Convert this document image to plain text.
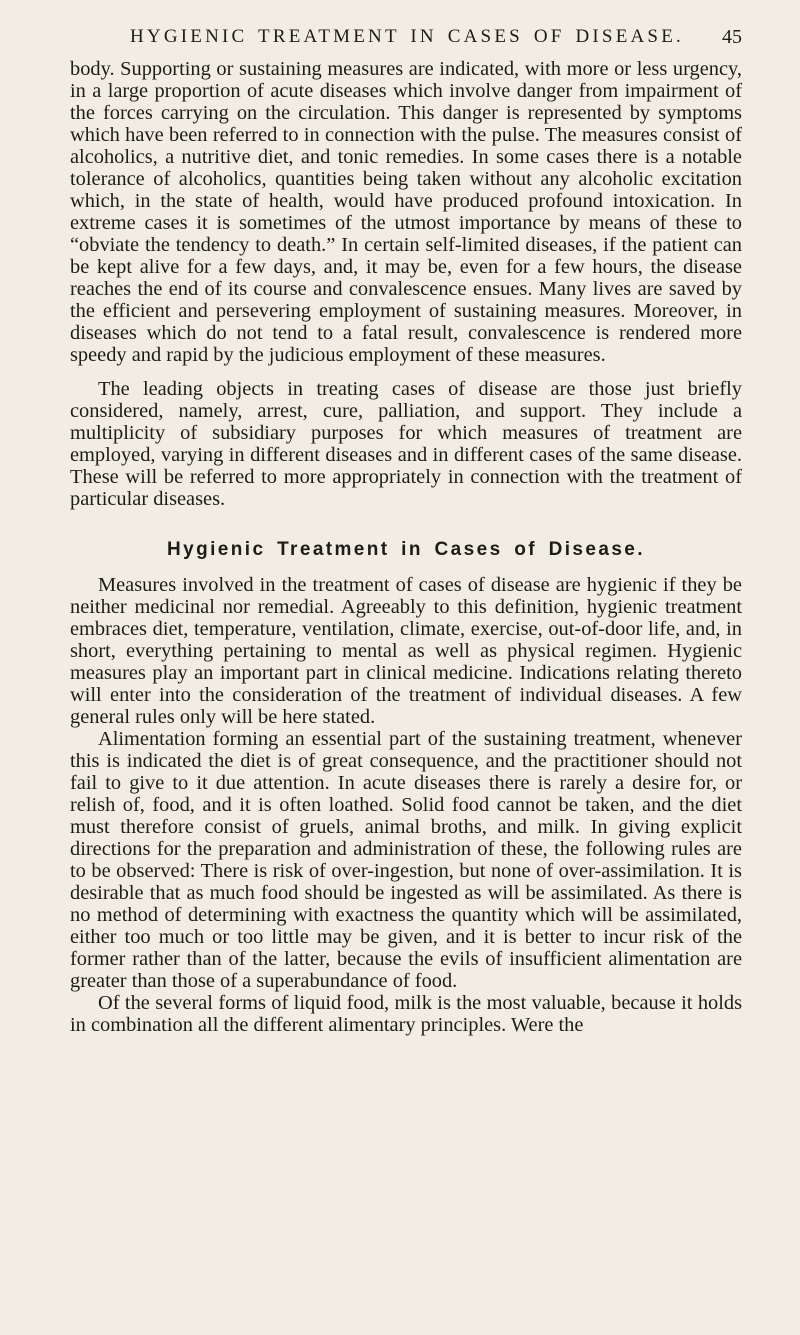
HYGIENIC TREATMENT IN CASES OF DISEASE. 45

body. Supporting or sustaining measures are indicated, with more or less urgency, in a large proportion of acute diseases which involve danger from impairment of the forces carrying on the circulation. This danger is represented by symptoms which have been referred to in connection with the pulse. The measures consist of alcoholics, a nutritive diet, and tonic remedies. In some cases there is a notable tolerance of alcoholics, quantities being taken without any alcoholic excitation which, in the state of health, would have produced profound intoxication. In extreme cases it is sometimes of the utmost importance by means of these to “obviate the tendency to death.” In certain self-limited diseases, if the patient can be kept alive for a few days, and, it may be, even for a few hours, the disease reaches the end of its course and convalescence ensues. Many lives are saved by the efficient and persevering employment of sustaining measures. Moreover, in diseases which do not tend to a fatal result, convalescence is rendered more speedy and rapid by the judicious employment of these measures.

The leading objects in treating cases of disease are those just briefly considered, namely, arrest, cure, palliation, and support. They include a multiplicity of subsidiary purposes for which measures of treatment are employed, varying in different diseases and in different cases of the same disease. These will be referred to more appropriately in connection with the treatment of particular diseases.

Hygienic Treatment in Cases of Disease.

Measures involved in the treatment of cases of disease are hygienic if they be neither medicinal nor remedial. Agreeably to this definition, hygienic treatment embraces diet, temperature, ventilation, climate, exercise, out-of-door life, and, in short, everything pertaining to mental as well as physical regimen. Hygienic measures play an important part in clinical medicine. Indications relating thereto will enter into the consideration of the treatment of individual diseases. A few general rules only will be here stated.

Alimentation forming an essential part of the sustaining treatment, whenever this is indicated the diet is of great consequence, and the practitioner should not fail to give to it due attention. In acute diseases there is rarely a desire for, or relish of, food, and it is often loathed. Solid food cannot be taken, and the diet must therefore consist of gruels, animal broths, and milk. In giving explicit directions for the preparation and administration of these, the following rules are to be observed: There is risk of over-ingestion, but none of over-assimilation. It is desirable that as much food should be ingested as will be assimilated. As there is no method of determining with exactness the quantity which will be assimilated, either too much or too little may be given, and it is better to incur risk of the former rather than of the latter, because the evils of insufficient alimentation are greater than those of a superabundance of food.

Of the several forms of liquid food, milk is the most valuable, because it holds in combination all the different alimentary principles. Were the
